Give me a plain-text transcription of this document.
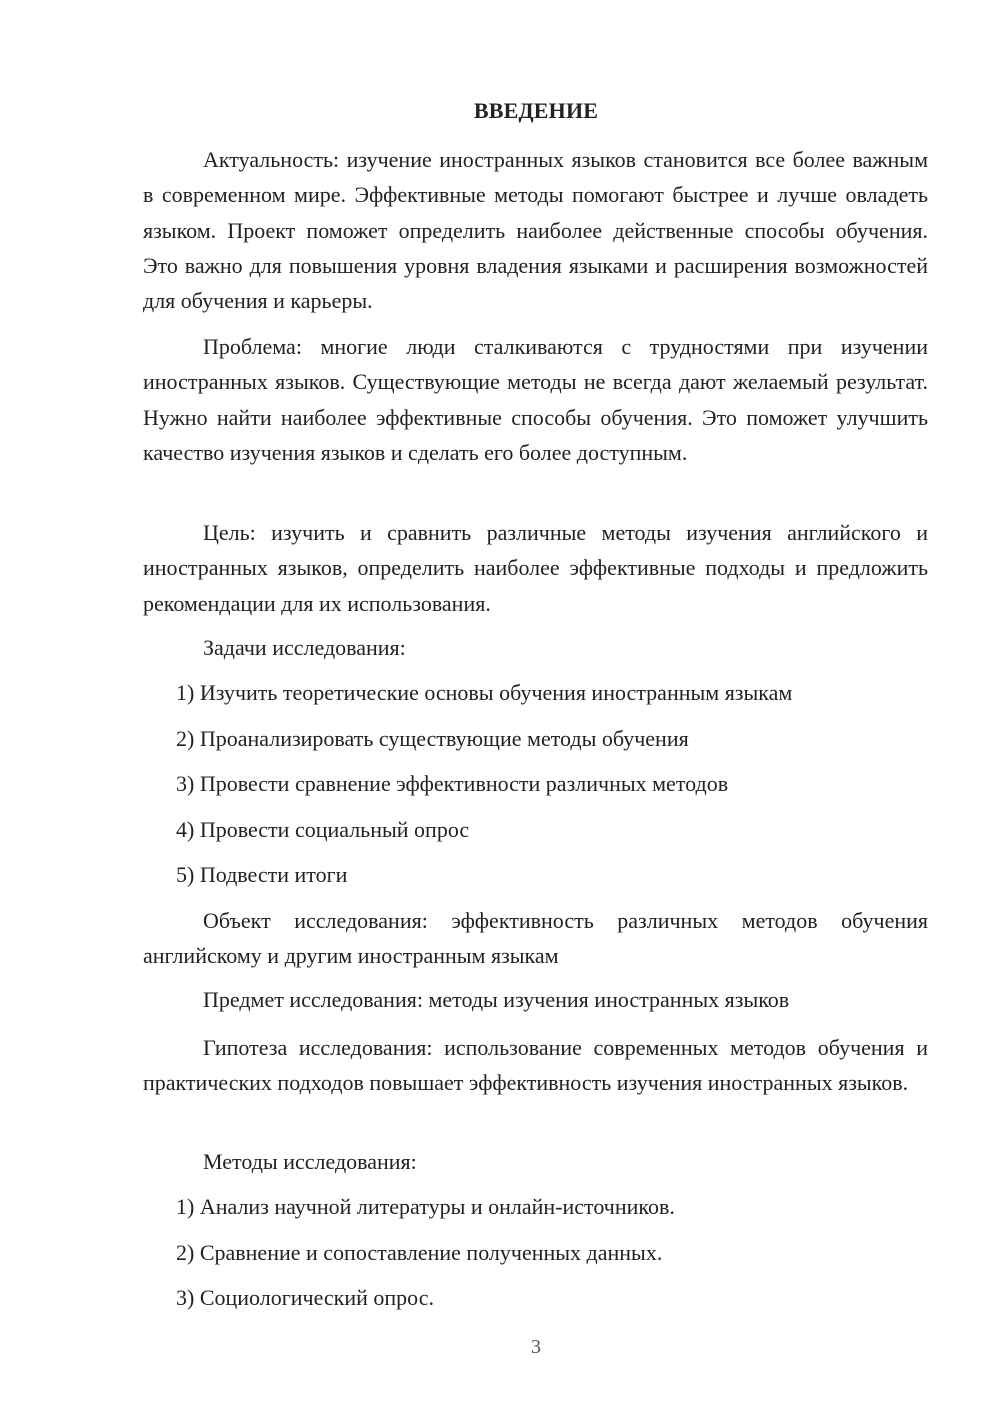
ВВЕДЕНИЕ

Актуальность: изучение иностранных языков становится все более важным в современном мире. Эффективные методы помогают быстрее и лучше овладеть языком. Проект поможет определить наиболее действенные способы обучения. Это важно для повышения уровня владения языками и расширения возможностей для обучения и карьеры.

Проблема: многие люди сталкиваются с трудностями при изучении иностранных языков. Существующие методы не всегда дают желаемый результат. Нужно найти наиболее эффективные способы обучения. Это поможет улучшить качество изучения языков и сделать его более доступным.

Цель: изучить и сравнить различные методы изучения английского и иностранных языков, определить наиболее эффективные подходы и предложить рекомендации для их использования.

Задачи исследования:

1) Изучить теоретические основы обучения иностранным языкам

2) Проанализировать существующие методы обучения

3) Провести сравнение эффективности различных методов

4) Провести социальный опрос

5) Подвести итоги

Объект исследования: эффективность различных методов обучения английскому и другим иностранным языкам

Предмет исследования: методы изучения иностранных языков

Гипотеза исследования: использование современных методов обучения и практических подходов повышает эффективность изучения иностранных языков.

Методы исследования:

1) Анализ научной литературы и онлайн-источников.

2) Сравнение и сопоставление полученных данных.

3) Социологический опрос.

3
